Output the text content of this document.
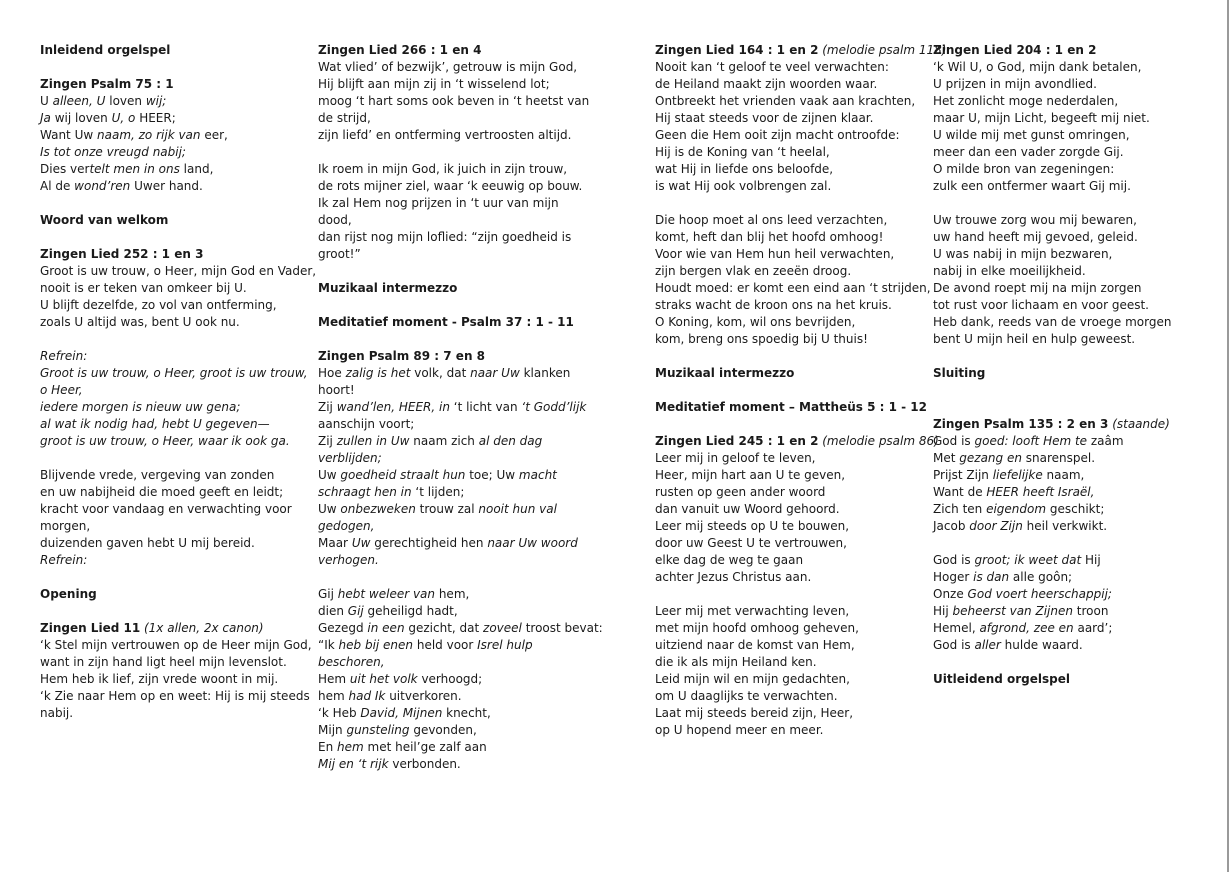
Inleidend orgelspel
Zingen Psalm 75 : 1
U alleen, U loven wij;
Ja wij loven U, o HEER;
Want Uw naam, zo rijk van eer,
Is tot onze vreugd nabij;
Dies vertelt men in ons land,
Al de wond’ren Uwer hand.
Woord van welkom
Zingen Lied 252 : 1 en 3
Groot is uw trouw, o Heer, mijn God en Vader,
nooit is er teken van omkeer bij U.
U blijft dezelfde, zo vol van ontferming,
zoals U altijd was, bent U ook nu.
Refrein:
Groot is uw trouw, o Heer, groot is uw trouw,
o Heer,
iedere morgen is nieuw uw gena;
al wat ik nodig had, hebt U gegeven—
groot is uw trouw, o Heer, waar ik ook ga.
Blijvende vrede, vergeving van zonden
en uw nabijheid die moed geeft en leidt;
kracht voor vandaag en verwachting voor
morgen,
duizenden gaven hebt U mij bereid.
Refrein:
Opening
Zingen Lied 11 (1x allen, 2x canon)
‘k Stel mijn vertrouwen op de Heer mijn God,
want in zijn hand ligt heel mijn levenslot.
Hem heb ik lief, zijn vrede woont in mij.
‘k Zie naar Hem op en weet: Hij is mij steeds
nabij.
Zingen Lied 266 : 1 en 4
Wat vlied’ of bezwijk’, getrouw is mijn God,
Hij blijft aan mijn zij in ‘t wisselend lot;
moog ‘t hart soms ook beven in ‘t heetst van
de strijd,
zijn liefd’ en ontferming vertroosten altijd.
Ik roem in mijn God, ik juich in zijn trouw,
de rots mijner ziel, waar ‘k eeuwig op bouw.
Ik zal Hem nog prijzen in ‘t uur van mijn
dood,
dan rijst nog mijn loflied: “zijn goedheid is
groot!”
Muzikaal intermezzo
Meditatief moment - Psalm 37 : 1 - 11
Zingen Psalm 89 : 7 en 8
Hoe zalig is het volk, dat naar Uw klanken
hoort!
Zij wand’len, HEER, in ‘t licht van ‘t Godd’lijk
aanschijn voort;
Zij zullen in Uw naam zich al den dag
verblijden;
Uw goedheid straalt hun toe; Uw macht
schraagt hen in ‘t lijden;
Uw onbezweken trouw zal nooit hun val
gedogen,
Maar Uw gerechtigheid hen naar Uw woord
verhogen.
Gij hebt weleer van hem,
dien Gij geheiligd hadt,
Gezegd in een gezicht, dat zoveel troost bevat:
“Ik heb bij enen held voor Isrel hulp
beschoren,
Hem uit het volk verhoogd;
hem had Ik uitverkoren.
‘k Heb David, Mijnen knecht,
Mijn gunsteling gevonden,
En hem met heil’ge zalf aan
Mij en ‘t rijk verbonden.
Zingen Lied 164 : 1 en 2 (melodie psalm 118)
Nooit kan ‘t geloof te veel verwachten:
de Heiland maakt zijn woorden waar.
Ontbreekt het vrienden vaak aan krachten,
Hij staat steeds voor de zijnen klaar.
Geen die Hem ooit zijn macht ontroofde:
Hij is de Koning van ‘t heelal,
wat Hij in liefde ons beloofde,
is wat Hij ook volbrengen zal.
Die hoop moet al ons leed verzachten,
komt, heft dan blij het hoofd omhoog!
Voor wie van Hem hun heil verwachten,
zijn bergen vlak en zeeën droog.
Houdt moed: er komt een eind aan ‘t strijden,
straks wacht de kroon ons na het kruis.
O Koning, kom, wil ons bevrijden,
kom, breng ons spoedig bij U thuis!
Muzikaal intermezzo
Meditatief moment – Mattheüs 5 : 1 - 12
Zingen Lied 245 : 1 en 2 (melodie psalm 86)
Leer mij in geloof te leven,
Heer, mijn hart aan U te geven,
rusten op geen ander woord
dan vanuit uw Woord gehoord.
Leer mij steeds op U te bouwen,
door uw Geest U te vertrouwen,
elke dag de weg te gaan
achter Jezus Christus aan.
Leer mij met verwachting leven,
met mijn hoofd omhoog geheven,
uitziend naar de komst van Hem,
die ik als mijn Heiland ken.
Leid mijn wil en mijn gedachten,
om U daaglijks te verwachten.
Laat mij steeds bereid zijn, Heer,
op U hopend meer en meer.
Zingen Lied 204 : 1 en 2
‘k Wil U, o God, mijn dank betalen,
U prijzen in mijn avondlied.
Het zonlicht moge nederdalen,
maar U, mijn Licht, begeeft mij niet.
U wilde mij met gunst omringen,
meer dan een vader zorgde Gij.
O milde bron van zegeningen:
zulk een ontfermer waart Gij mij.
Uw trouwe zorg wou mij bewaren,
uw hand heeft mij gevoed, geleid.
U was nabij in mijn bezwaren,
nabij in elke moeilijkheid.
De avond roept mij na mijn zorgen
tot rust voor lichaam en voor geest.
Heb dank, reeds van de vroege morgen
bent U mijn heil en hulp geweest.
Sluiting
Zingen Psalm 135 : 2 en 3 (staande)
God is goed: looft Hem te zaâm
Met gezang en snarenspel.
Prijst Zijn liefelijke naam,
Want de HEER heeft Israël,
Zich ten eigendom geschikt;
Jacob door Zijn heil verkwikt.
God is groot; ik weet dat Hij
Hoger is dan alle goôn;
Onze God voert heerschappij;
Hij beheerst van Zijnen troon
Hemel, afgrond, zee en aard’;
God is aller hulde waard.
Uitleidend orgelspel
